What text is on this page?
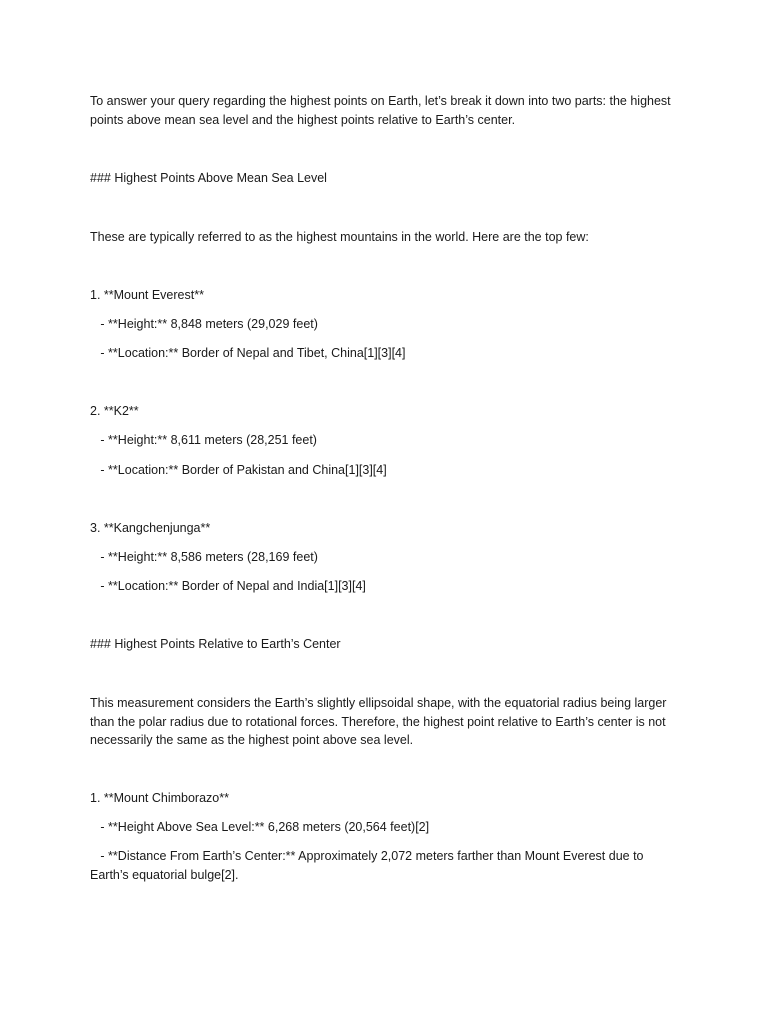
To answer your query regarding the highest points on Earth, let’s break it down into two parts: the highest points above mean sea level and the highest points relative to Earth’s center.

### Highest Points Above Mean Sea Level

These are typically referred to as the highest mountains in the world. Here are the top few:

1. **Mount Everest**

- **Height:** 8,848 meters (29,029 feet)

- **Location:** Border of Nepal and Tibet, China[1][3][4]

2. **K2**

- **Height:** 8,611 meters (28,251 feet)

- **Location:** Border of Pakistan and China[1][3][4]

3. **Kangchenjunga**

- **Height:** 8,586 meters (28,169 feet)

- **Location:** Border of Nepal and India[1][3][4]

### Highest Points Relative to Earth’s Center

This measurement considers the Earth’s slightly ellipsoidal shape, with the equatorial radius being larger than the polar radius due to rotational forces. Therefore, the highest point relative to Earth’s center is not necessarily the same as the highest point above sea level.

1. **Mount Chimborazo**

- **Height Above Sea Level:** 6,268 meters (20,564 feet)[2]

- **Distance From Earth’s Center:** Approximately 2,072 meters farther than Mount Everest due to Earth’s equatorial bulge[2].
